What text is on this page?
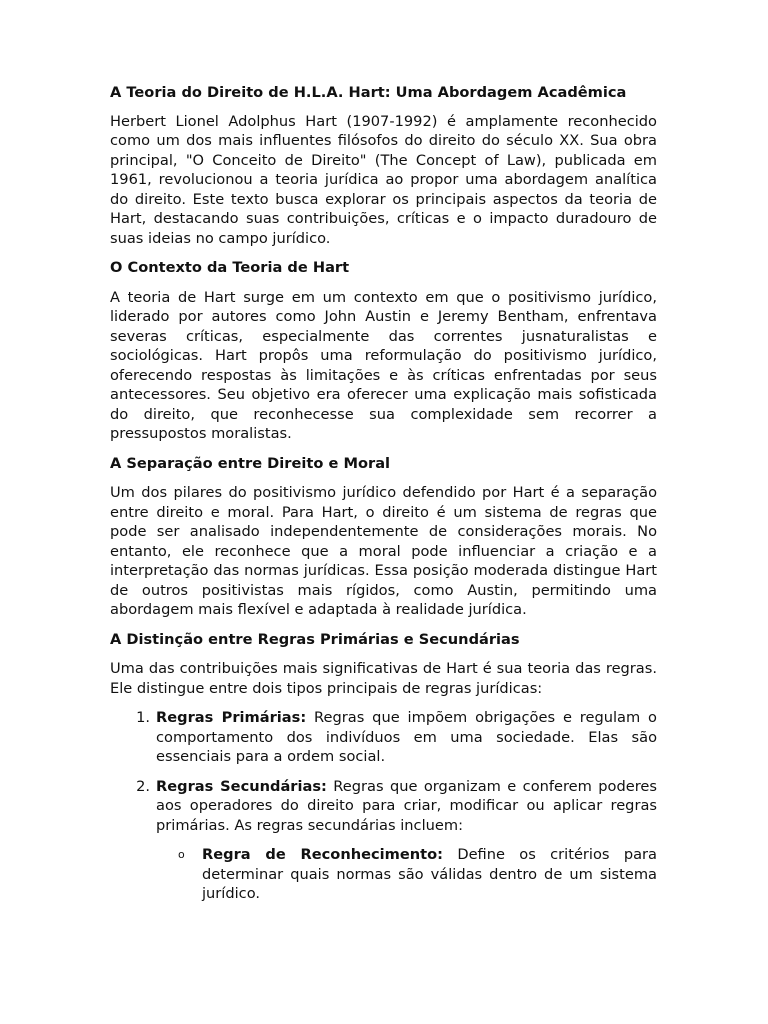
A Teoria do Direito de H.L.A. Hart: Uma Abordagem Acadêmica

Herbert Lionel Adolphus Hart (1907-1992) é amplamente reconhecido como um dos mais influentes filósofos do direito do século XX. Sua obra principal, "O Conceito de Direito" (The Concept of Law), publicada em 1961, revolucionou a teoria jurídica ao propor uma abordagem analítica do direito. Este texto busca explorar os principais aspectos da teoria de Hart, destacando suas contribuições, críticas e o impacto duradouro de suas ideias no campo jurídico.

O Contexto da Teoria de Hart

A teoria de Hart surge em um contexto em que o positivismo jurídico, liderado por autores como John Austin e Jeremy Bentham, enfrentava severas críticas, especialmente das correntes jusnaturalistas e sociológicas. Hart propôs uma reformulação do positivismo jurídico, oferecendo respostas às limitações e às críticas enfrentadas por seus antecessores. Seu objetivo era oferecer uma explicação mais sofisticada do direito, que reconhecesse sua complexidade sem recorrer a pressupostos moralistas.

A Separação entre Direito e Moral

Um dos pilares do positivismo jurídico defendido por Hart é a separação entre direito e moral. Para Hart, o direito é um sistema de regras que pode ser analisado independentemente de considerações morais. No entanto, ele reconhece que a moral pode influenciar a criação e a interpretação das normas jurídicas. Essa posição moderada distingue Hart de outros positivistas mais rígidos, como Austin, permitindo uma abordagem mais flexível e adaptada à realidade jurídica.

A Distinção entre Regras Primárias e Secundárias

Uma das contribuições mais significativas de Hart é sua teoria das regras. Ele distingue entre dois tipos principais de regras jurídicas:

1. Regras Primárias: Regras que impõem obrigações e regulam o comportamento dos indivíduos em uma sociedade. Elas são essenciais para a ordem social.
2. Regras Secundárias: Regras que organizam e conferem poderes aos operadores do direito para criar, modificar ou aplicar regras primárias. As regras secundárias incluem:
o Regra de Reconhecimento: Define os critérios para determinar quais normas são válidas dentro de um sistema jurídico.
